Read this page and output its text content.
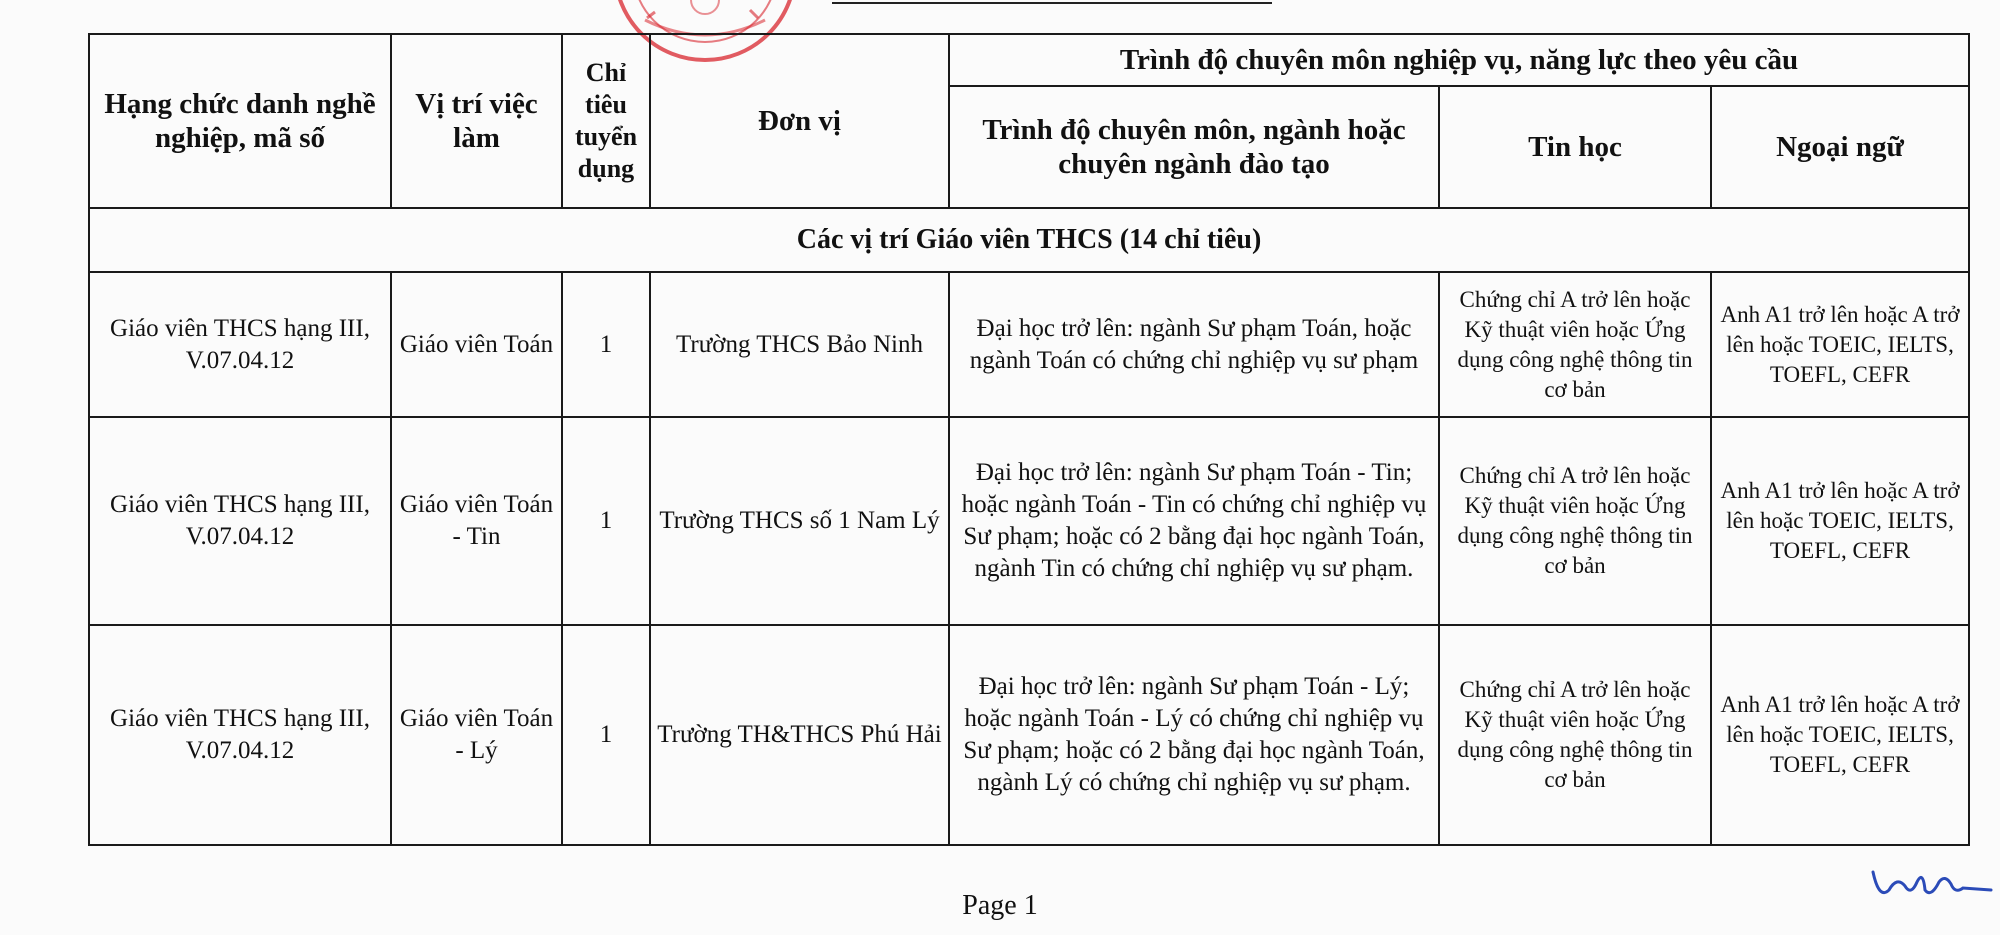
Hạng chức danh nghề nghiệp, mã số	Vị trí việc làm	Chỉ tiêu tuyển dụng	Đơn vị	Trình độ chuyên môn nghiệp vụ, năng lực theo yêu cầu		
				Trình độ chuyên môn, ngành hoặc chuyên ngành đào tạo	Tin học	Ngoại ngữ
Các vị trí Giáo viên THCS (14 chỉ tiêu)						
Giáo viên THCS hạng III, V.07.04.12	Giáo viên Toán	1	Trường THCS Bảo Ninh	Đại học trở lên: ngành Sư phạm Toán, hoặc ngành Toán có chứng chỉ nghiệp vụ sư phạm	Chứng chỉ A trở lên hoặc Kỹ thuật viên hoặc Ứng dụng công nghệ thông tin cơ bản	Anh A1 trở lên hoặc A trở lên hoặc TOEIC, IELTS, TOEFL, CEFR
Giáo viên THCS hạng III, V.07.04.12	Giáo viên Toán - Tin	1	Trường THCS số 1 Nam Lý	Đại học trở lên: ngành Sư phạm Toán - Tin; hoặc ngành Toán - Tin có chứng chỉ nghiệp vụ Sư phạm; hoặc có 2 bằng đại học ngành Toán, ngành Tin có chứng chỉ nghiệp vụ sư phạm.	Chứng chỉ A trở lên hoặc Kỹ thuật viên hoặc Ứng dụng công nghệ thông tin cơ bản	Anh A1 trở lên hoặc A trở lên hoặc TOEIC, IELTS, TOEFL, CEFR
Giáo viên THCS hạng III, V.07.04.12	Giáo viên Toán - Lý	1	Trường TH&THCS Phú Hải	Đại học trở lên: ngành Sư phạm Toán - Lý; hoặc ngành Toán - Lý có chứng chỉ nghiệp vụ Sư phạm; hoặc có 2 bằng đại học ngành Toán, ngành Lý có chứng chỉ nghiệp vụ sư phạm.	Chứng chỉ A trở lên hoặc Kỹ thuật viên hoặc Ứng dụng công nghệ thông tin cơ bản	Anh A1 trở lên hoặc A trở lên hoặc TOEIC, IELTS, TOEFL, CEFR
Page 1
